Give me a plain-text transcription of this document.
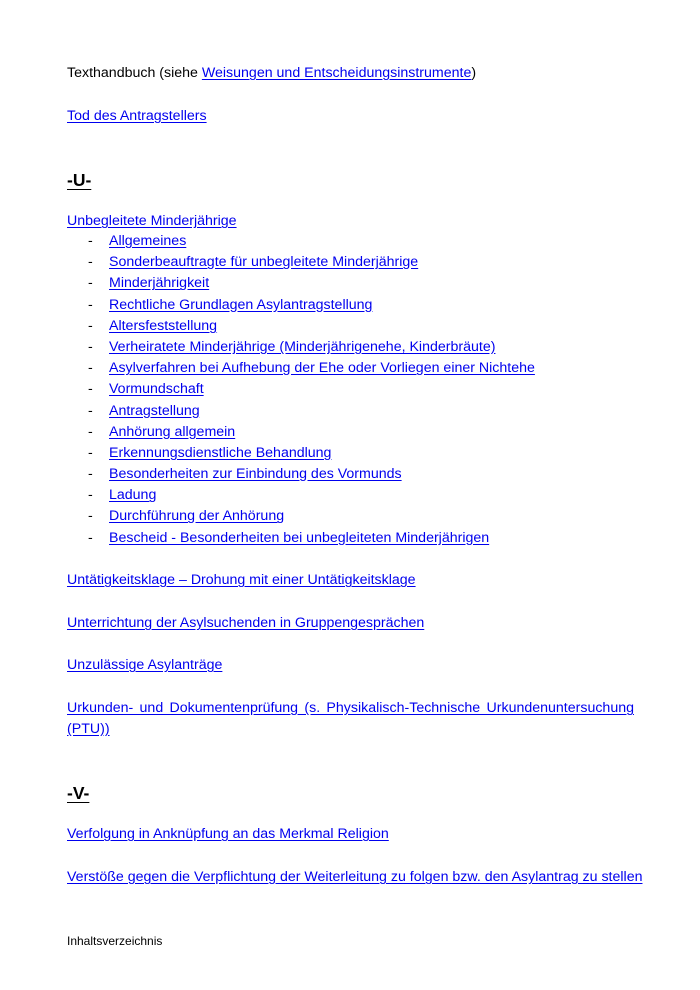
Texthandbuch (siehe Weisungen und Entscheidungsinstrumente)
Tod des Antragstellers
-U-
Unbegleitete Minderjährige
- Allgemeines
- Sonderbeauftragte für unbegleitete Minderjährige
- Minderjährigkeit
- Rechtliche Grundlagen Asylantragstellung
- Altersfeststellung
- Verheiratete Minderjährige (Minderjährigenehe, Kinderbräute)
- Asylverfahren bei Aufhebung der Ehe oder Vorliegen einer Nichtehe
- Vormundschaft
- Antragstellung
- Anhörung allgemein
- Erkennungsdienstliche Behandlung
- Besonderheiten zur Einbindung des Vormunds
- Ladung
- Durchführung der Anhörung
- Bescheid - Besonderheiten bei unbegleiteten Minderjährigen
Untätigkeitsklage – Drohung mit einer Untätigkeitsklage
Unterrichtung der Asylsuchenden in Gruppengesprächen
Unzulässige Asylanträge
Urkunden- und Dokumentenprüfung (s. Physikalisch-Technische Urkundenuntersuchung (PTU))
-V-
Verfolgung in Anknüpfung an das Merkmal Religion
Verstöße gegen die Verpflichtung der Weiterleitung zu folgen bzw. den Asylantrag zu stellen
Inhaltsverzeichnis
